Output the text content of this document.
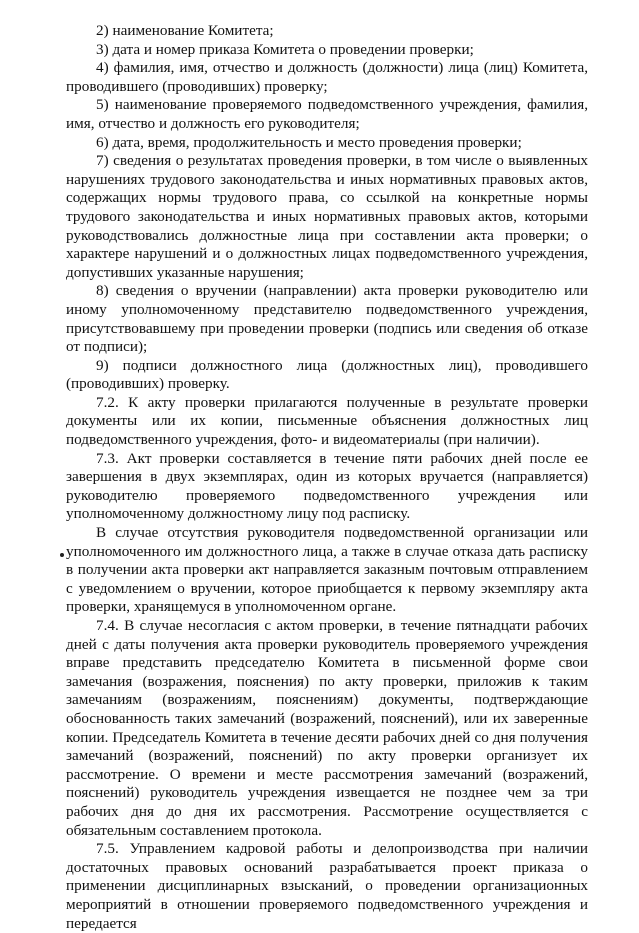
2) наименование Комитета;

3) дата и номер приказа Комитета о проведении проверки;

4) фамилия, имя, отчество и должность (должности) лица (лиц) Комитета, проводившего (проводивших) проверку;

5) наименование проверяемого подведомственного учреждения, фамилия, имя, отчество и должность его руководителя;

6) дата, время, продолжительность и место проведения проверки;

7) сведения о результатах проведения проверки, в том числе о выявленных нарушениях трудового законодательства и иных нормативных правовых актов, содержащих нормы трудового права, со ссылкой на конкретные нормы трудового законодательства и иных нормативных правовых актов, которыми руководствовались должностные лица при составлении акта проверки; о характере нарушений и о должностных лицах подведомственного учреждения, допустивших указанные нарушения;

8) сведения о вручении (направлении) акта проверки руководителю или иному уполномоченному представителю подведомственного учреждения, присутствовавшему при проведении проверки (подпись или сведения об отказе от подписи);

9) подписи должностного лица (должностных лиц), проводившего (проводивших) проверку.

7.2. К акту проверки прилагаются полученные в результате проверки документы или их копии, письменные объяснения должностных лиц подведомственного учреждения, фото- и видеоматериалы (при наличии).

7.3. Акт проверки составляется в течение пяти рабочих дней после ее завершения в двух экземплярах, один из которых вручается (направляется) руководителю проверяемого подведомственного учреждения или уполномоченному должностному лицу под расписку.

В случае отсутствия руководителя подведомственной организации или уполномоченного им должностного лица, а также в случае отказа дать расписку в получении акта проверки акт направляется заказным почтовым отправлением с уведомлением о вручении, которое приобщается к первому экземпляру акта проверки, хранящемуся в уполномоченном органе.

7.4. В случае несогласия с актом проверки, в течение пятнадцати рабочих дней с даты получения акта проверки руководитель проверяемого учреждения вправе представить председателю Комитета в письменной форме свои замечания (возражения, пояснения) по акту проверки, приложив к таким замечаниям (возражениям, пояснениям) документы, подтверждающие обоснованность таких замечаний (возражений, пояснений), или их заверенные копии. Председатель Комитета в течение десяти рабочих дней со дня получения замечаний (возражений, пояснений) по акту проверки организует их рассмотрение. О времени и месте рассмотрения замечаний (возражений, пояснений) руководитель учреждения извещается не позднее чем за три рабочих дня до дня их рассмотрения. Рассмотрение осуществляется с обязательным составлением протокола.

7.5. Управлением кадровой работы и делопроизводства при наличии достаточных правовых оснований разрабатывается проект приказа о применении дисциплинарных взысканий, о проведении организационных мероприятий в отношении проверяемого подведомственного учреждения и передается
